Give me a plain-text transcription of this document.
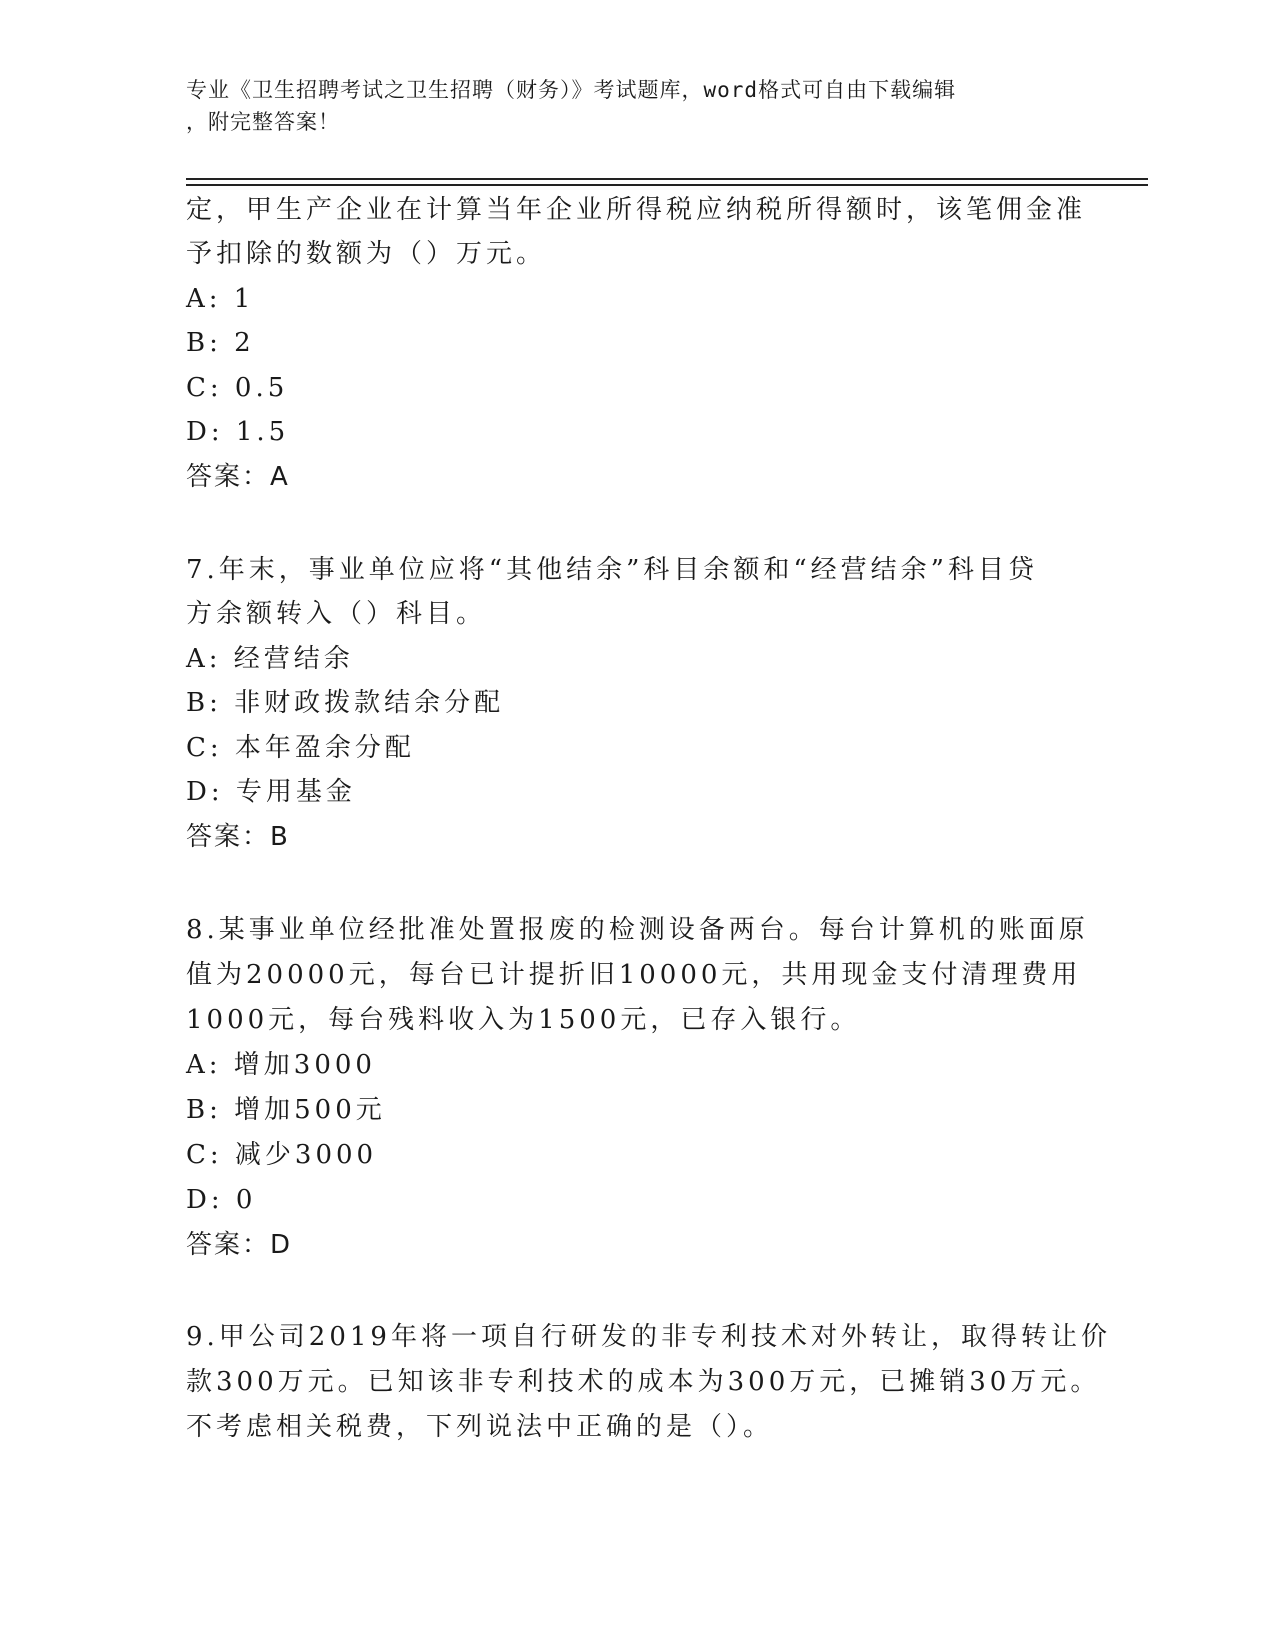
专业《卫生招聘考试之卫生招聘（财务）》考试题库，word格式可自由下载编辑
，附完整答案！
定，甲生产企业在计算当年企业所得税应纳税所得额时，该笔佣金准
予扣除的数额为（）万元。
A: 1
B: 2
C: 0.5
D: 1.5
答案：A
7.年末，事业单位应将“其他结余”科目余额和“经营结余”科目贷
方余额转入（）科目。
A: 经营结余
B: 非财政拨款结余分配
C: 本年盈余分配
D: 专用基金
答案：B
8.某事业单位经批准处置报废的检测设备两台。每台计算机的账面原
值为20000元，每台已计提折旧10000元，共用现金支付清理费用
1000元，每台残料收入为1500元，已存入银行。
A: 增加3000
B: 增加500元
C: 减少3000
D: 0
答案：D
9.甲公司2019年将一项自行研发的非专利技术对外转让，取得转让价
款300万元。已知该非专利技术的成本为300万元，已摊销30万元。
不考虑相关税费，下列说法中正确的是（）。
